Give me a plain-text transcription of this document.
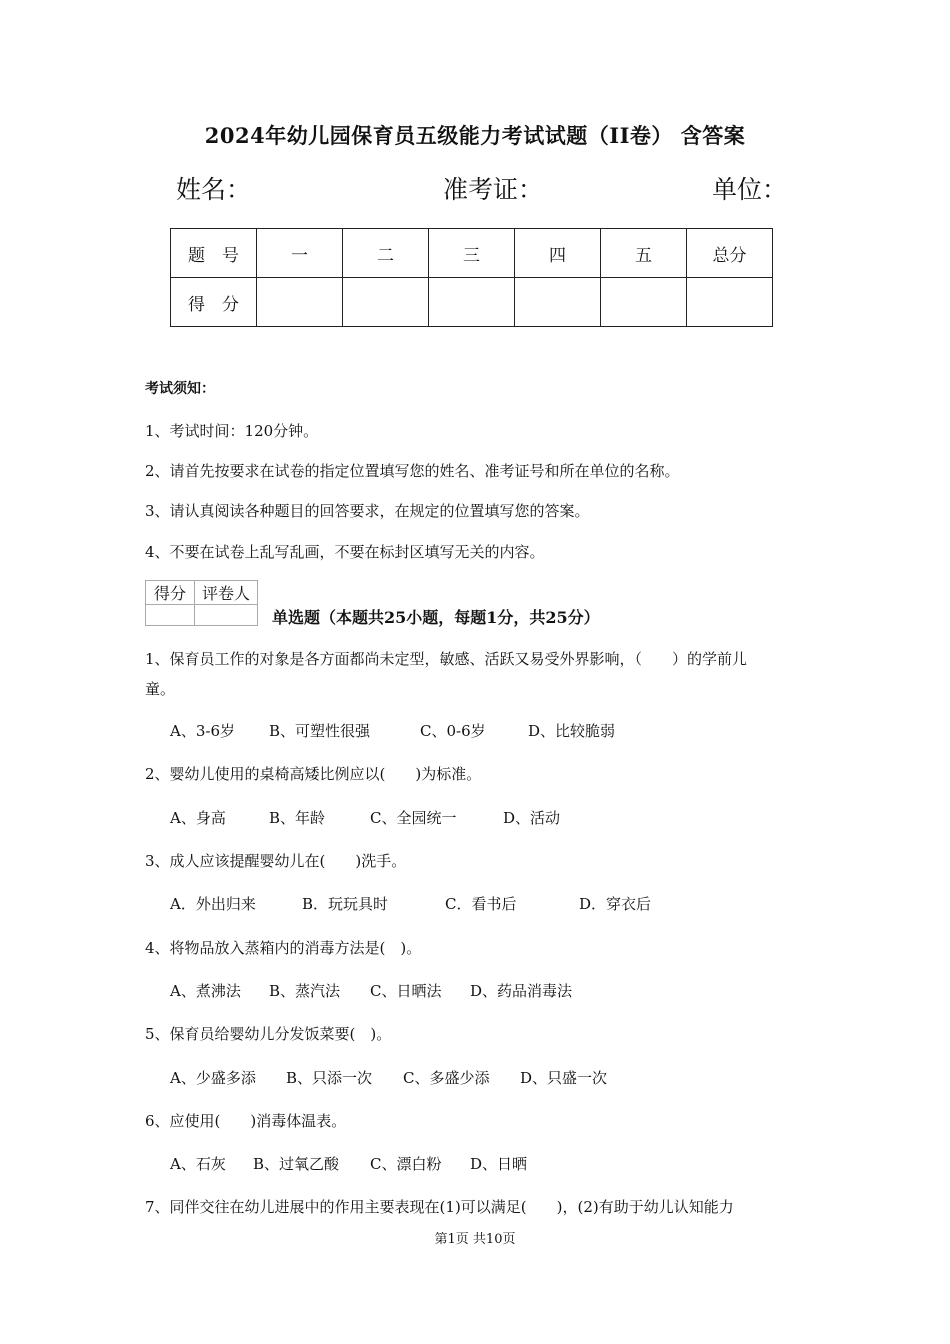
2024年幼儿园保育员五级能力考试试题（II卷） 含答案
姓名：	准考证：	单位：
题　号	一	二	三	四	五	总分
得　分						
考试须知：
1、考试时间：120分钟。
2、请首先按要求在试卷的指定位置填写您的姓名、准考证号和所在单位的名称。
3、请认真阅读各种题目的回答要求，在规定的位置填写您的答案。
4、不要在试卷上乱写乱画，不要在标封区填写无关的内容。
得分	评卷人

单选题（本题共25小题，每题1分，共25分）
1、保育员工作的对象是各方面都尚未定型，敏感、活跃又易受外界影响，（　　）的学前儿
童。
A、3-6岁 B、可塑性很强	C、0-6岁	D、比较脆弱
2、婴幼儿使用的桌椅高矮比例应以(　　)为标准。
A、身高	B、年龄	C、全园统一	D、活动
3、成人应该提醒婴幼儿在(　　)洗手。
A．外出归来	B．玩玩具时	C．看书后	D．穿衣后
4、将物品放入蒸箱内的消毒方法是(　)。
A、煮沸法 B、蒸汽法 C、日晒法 D、药品消毒法
5、保育员给婴幼儿分发饭菜要(　)。
A、少盛多添 B、只添一次 C、多盛少添 D、只盛一次
6、应使用(　　)消毒体温表。
A、石灰 B、过氧乙酸 C、漂白粉 D、日晒
7、同伴交往在幼儿进展中的作用主要表现在(1)可以满足(　　)，(2)有助于幼儿认知能力
第1页 共10页
